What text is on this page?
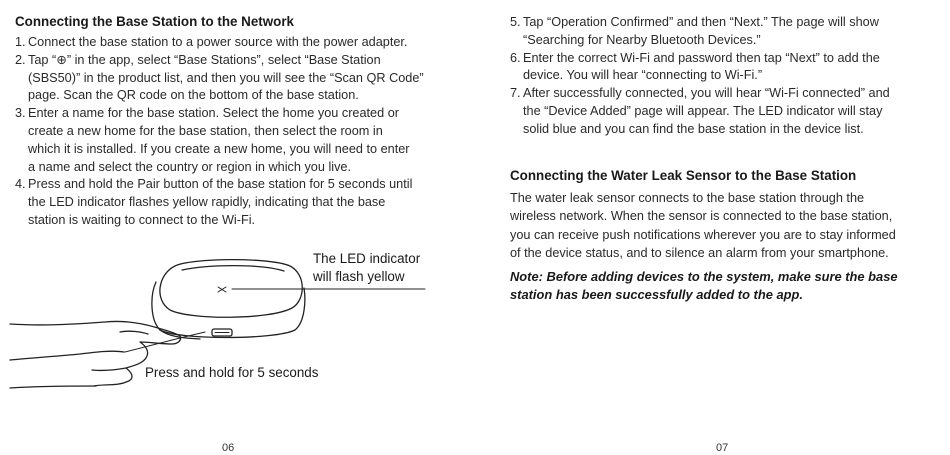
Connecting the Base Station to the Network
1. Connect the base station to a power source with the power adapter.
2. Tap “⊕” in the app, select “Base Stations”, select “Base Station
(SBS50)” in the product list, and then you will see the “Scan QR Code”
page. Scan the QR code on the bottom of the base station.
3. Enter a name for the base station. Select the home you created or
create a new home for the base station, then select the room in
which it is installed. If you create a new home, you will need to enter
a name and select the country or region in which you live.
4. Press and hold the Pair button of the base station for 5 seconds until
the LED indicator flashes yellow rapidly, indicating that the base
station is waiting to connect to the Wi-Fi.
The LED indicator
will flash yellow
Press and hold for 5 seconds
06
5. Tap “Operation Confirmed” and then “Next.” The page will show
“Searching for Nearby Bluetooth Devices.”
6. Enter the correct Wi-Fi and password then tap “Next” to add the
device. You will hear “connecting to Wi-Fi.”
7. After successfully connected, you will hear “Wi-Fi connected” and
the “Device Added” page will appear. The LED indicator will stay
solid blue and you can find the base station in the device list.
Connecting the Water Leak Sensor to the Base Station
The water leak sensor connects to the base station through the
wireless network. When the sensor is connected to the base station,
you can receive push notifications wherever you are to stay informed
of the device status, and to silence an alarm from your smartphone.
Note: Before adding devices to the system, make sure the base
station has been successfully added to the app.
07
